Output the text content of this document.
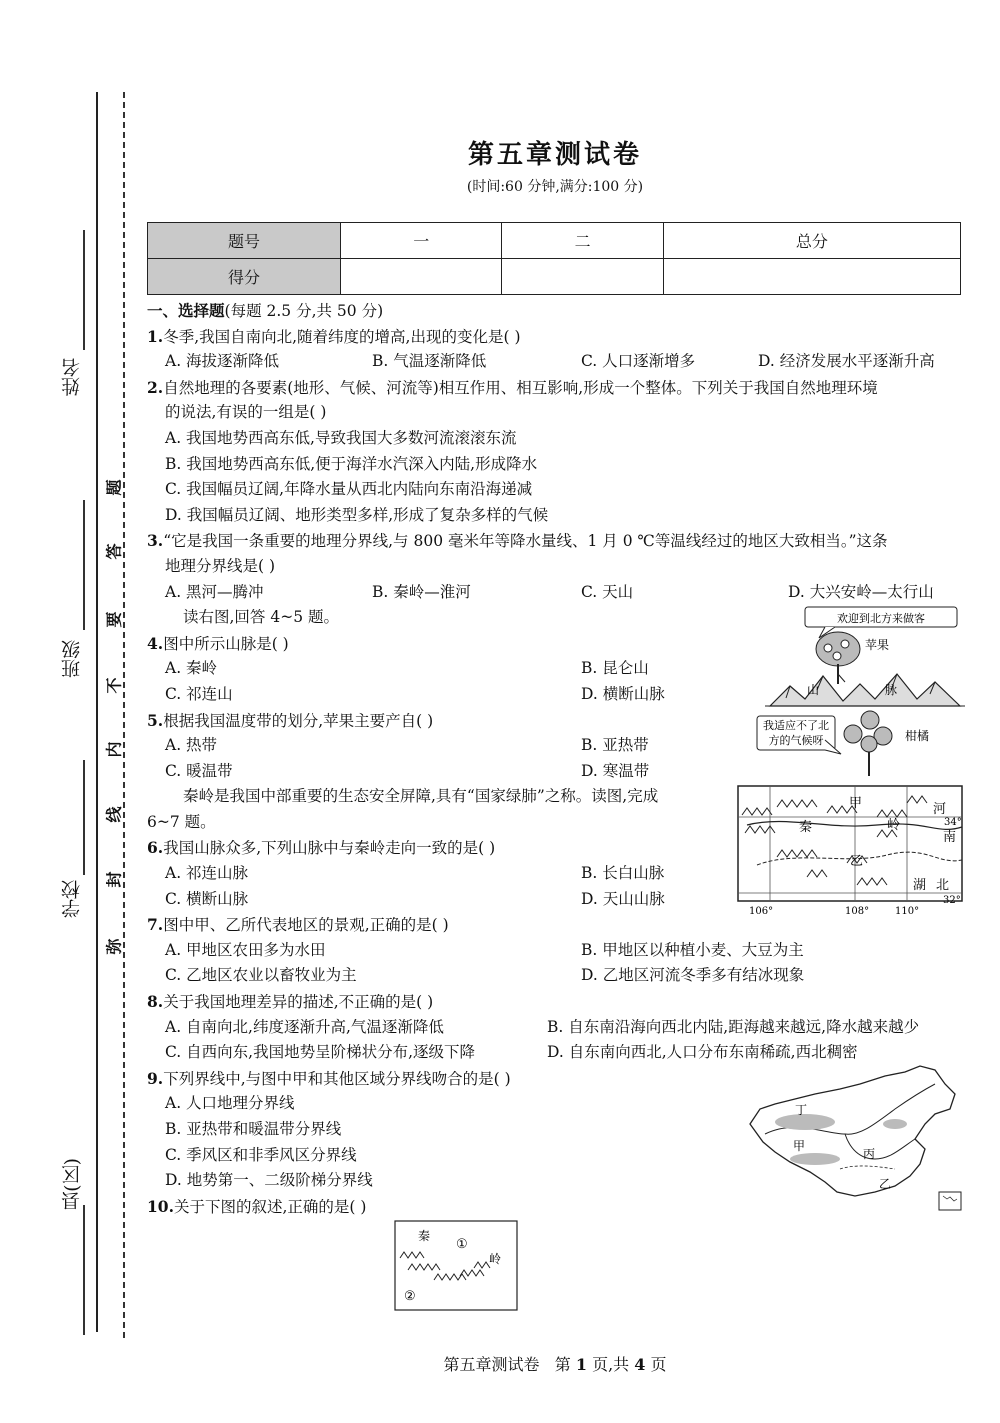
姓名
班级
学校
县(区)
题
答
要
不
内
线
封
弥
第五章测试卷
(时间:60 分钟,满分:100 分)
题号	一	二	总分
得分			
一、选择题(每题 2.5 分,共 50 分)
1.冬季,我国自南向北,随着纬度的增高,出现的变化是( )
A. 海拔逐渐降低	B. 气温逐渐降低	C. 人口逐渐增多	D. 经济发展水平逐渐升高
2.自然地理的各要素(地形、气候、河流等)相互作用、相互影响,形成一个整体。下列关于我国自然地理环境
的说法,有误的一组是( )
A. 我国地势西高东低,导致我国大多数河流滚滚东流
B. 我国地势西高东低,便于海洋水汽深入内陆,形成降水
C. 我国幅员辽阔,年降水量从西北内陆向东南沿海递减
D. 我国幅员辽阔、地形类型多样,形成了复杂多样的气候
3.“它是我国一条重要的地理分界线,与 800 毫米年等降水量线、1 月 0 ℃等温线经过的地区大致相当。”这条
地理分界线是( )
A. 黑河—腾冲	B. 秦岭—淮河	C. 天山	D. 大兴安岭—太行山
读右图,回答 4~5 题。
4.图中所示山脉是( )
A. 秦岭	B. 昆仑山
C. 祁连山	D. 横断山脉
5.根据我国温度带的划分,苹果主要产自( )
A. 热带	B. 亚热带
C. 暖温带	D. 寒温带
秦岭是我国中部重要的生态安全屏障,具有“国家绿肺”之称。读图,完成
6~7 题。
6.我国山脉众多,下列山脉中与秦岭走向一致的是( )
A. 祁连山脉	B. 长白山脉
C. 横断山脉	D. 天山山脉
7.图中甲、乙所代表地区的景观,正确的是( )
A. 甲地区农田多为水田	B. 甲地区以种植小麦、大豆为主
C. 乙地区农业以畜牧业为主	D. 乙地区河流冬季多有结冰现象
8.关于我国地理差异的描述,不正确的是( )
A. 自南向北,纬度逐渐升高,气温逐渐降低	B. 自东南沿海向西北内陆,距海越来越远,降水越来越少
C. 自西向东,我国地势呈阶梯状分布,逐级下降	D. 自东南向西北,人口分布东南稀疏,西北稠密
9.下列界线中,与图中甲和其他区域分界线吻合的是( )
A. 人口地理分界线
B. 亚热带和暖温带分界线
C. 季风区和非季风区分界线
D. 地势第一、二级阶梯分界线
10.关于下图的叙述,正确的是( )
欢迎到北方来做客
苹果
山	脉
我适应不了北
方的气候呀	柑橘
甲
秦	岭
河
南
乙
湖 北
34°
32°
106°	108°	110°
丁
甲
丙
乙
秦
岭
①
②
第五章测试卷 第 1 页,共 4 页
